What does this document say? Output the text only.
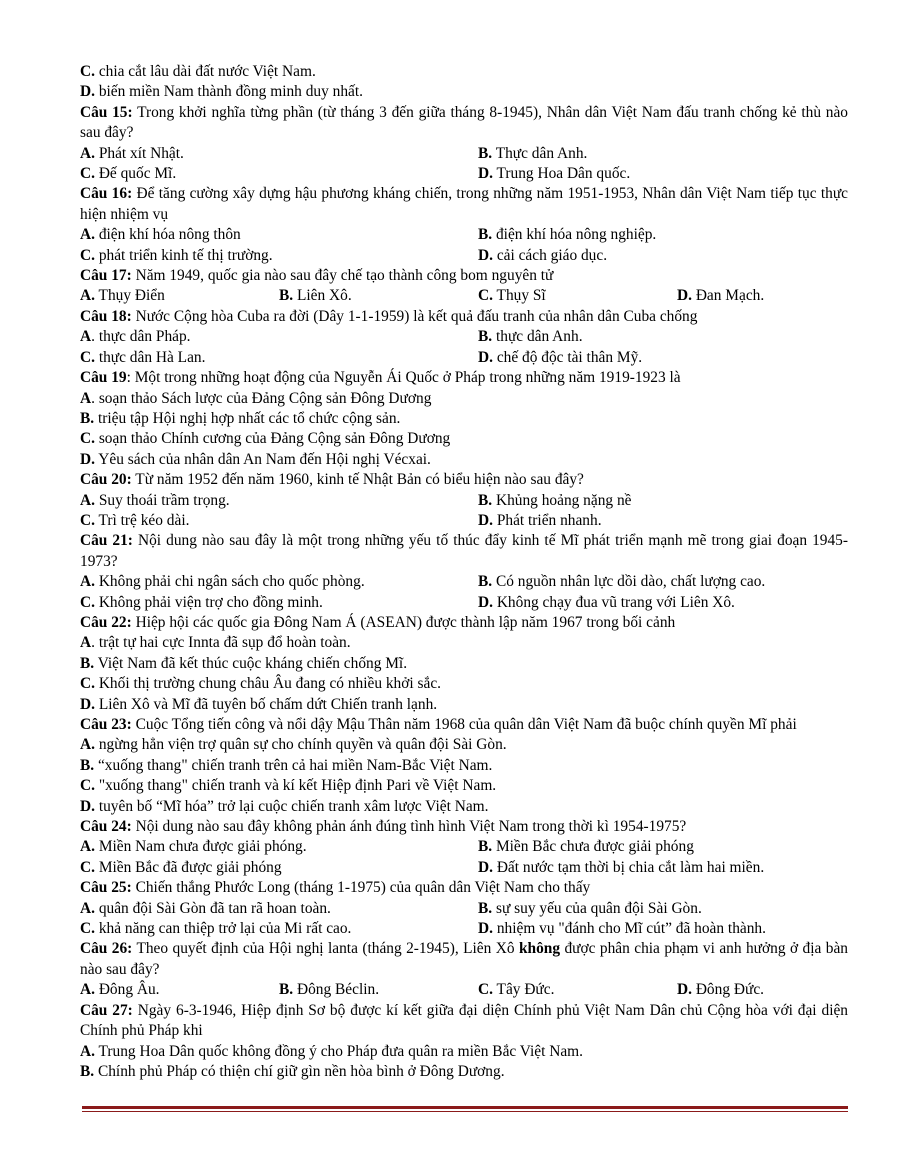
C. chia cắt lâu dài đất nước Việt Nam.
D. biến miền Nam thành đồng minh duy nhất.
Câu 15: Trong khởi nghĩa từng phần (từ tháng 3 đến giữa tháng 8-1945), Nhân dân Việt Nam đấu tranh chống kẻ thù nào sau đây?
A. Phát xít Nhật.	B. Thực dân Anh.
C. Đế quốc Mĩ.	D. Trung Hoa Dân quốc.
Câu 16: Để tăng cường xây dựng hậu phương kháng chiến, trong những năm 1951-1953, Nhân dân Việt Nam tiếp tục thực hiện nhiệm vụ
A. điện khí hóa nông thôn	B. điện khí hóa nông nghiệp.
C. phát triển kinh tế thị trường.	D. cải cách giáo dục.
Câu 17: Năm 1949, quốc gia nào sau đây chế tạo thành công bom nguyên tử
A. Thụy Điển	B. Liên Xô.	C. Thụy Sĩ	D. Đan Mạch.
Câu 18: Nước Cộng hòa Cuba ra đời (Dây 1-1-1959) là kết quả đấu tranh của nhân dân Cuba chống
A. thực dân Pháp.	B. thực dân Anh.
C. thực dân Hà Lan.	D. chế độ độc tài thân Mỹ.
Câu 19: Một trong những hoạt động của Nguyễn Ái Quốc ở Pháp trong những năm 1919-1923 là
A. soạn thảo Sách lược của Đảng Cộng sản Đông Dương
B. triệu tập Hội nghị hợp nhất các tổ chức cộng sản.
C. soạn thảo Chính cương của Đảng Cộng sản Đông Dương
D. Yêu sách của nhân dân An Nam đến Hội nghị Vécxai.
Câu 20: Từ năm 1952 đến năm 1960, kinh tế Nhật Bản có biểu hiện nào sau đây?
A. Suy thoái trầm trọng.	B. Khủng hoảng nặng nề
C. Trì trệ kéo dài.	D. Phát triển nhanh.
Câu 21: Nội dung nào sau đây là một trong những yếu tố thúc đẩy kinh tế Mĩ phát triển mạnh mẽ trong giai đoạn 1945-1973?
A. Không phải chi ngân sách cho quốc phòng.	B. Có nguồn nhân lực dồi dào, chất lượng cao.
C. Không phải viện trợ cho đồng minh.	D. Không chạy đua vũ trang với Liên Xô.
Câu 22: Hiệp hội các quốc gia Đông Nam Á (ASEAN) được thành lập năm 1967 trong bối cảnh
A. trật tự hai cực Innta đã sụp đổ hoàn toàn.
B. Việt Nam đã kết thúc cuộc kháng chiến chống Mĩ.
C. Khối thị trường chung châu Âu đang có nhiều khởi sắc.
D. Liên Xô và Mĩ đã tuyên bố chấm dứt Chiến tranh lạnh.
Câu 23: Cuộc Tổng tiến công và nổi dậy Mậu Thân năm 1968 của quân dân Việt Nam đã buộc chính quyền Mĩ phải
A. ngừng hẳn viện trợ quân sự cho chính quyền và quân đội Sài Gòn.
B. “xuống thang" chiến tranh trên cả hai miền Nam-Bắc Việt Nam.
C. "xuống thang" chiến tranh và kí kết Hiệp định Pari về Việt Nam.
D. tuyên bố “Mĩ hóa” trở lại cuộc chiến tranh xâm lược Việt Nam.
Câu 24: Nội dung nào sau đây không phản ánh đúng tình hình Việt Nam trong thời kì 1954-1975?
A. Miền Nam chưa được giải phóng.	B. Miền Bắc chưa được giải phóng
C. Miền Bắc đã được giải phóng	D. Đất nước tạm thời bị chia cắt làm hai miền.
Câu 25: Chiến thắng Phước Long (tháng 1-1975) của quân dân Việt Nam cho thấy
A. quân đội Sài Gòn đã tan rã hoan toàn.	B. sự suy yếu của quân đội Sài Gòn.
C. khả năng can thiệp trở lại của Mi rất cao.	D. nhiệm vụ "đánh cho Mĩ cút” đã hoàn thành.
Câu 26: Theo quyết định của Hội nghị lanta (tháng 2-1945), Liên Xô không được phân chia phạm vi anh hưởng ở địa bàn nào sau đây?
A. Đông Âu.	B. Đông Béclin.	C. Tây Đức.	D. Đông Đức.
Câu 27: Ngày 6-3-1946, Hiệp định Sơ bộ được kí kết giữa đại diện Chính phủ Việt Nam Dân chủ Cộng hòa với đại diện Chính phủ Pháp khi
A. Trung Hoa Dân quốc không đồng ý cho Pháp đưa quân ra miền Bắc Việt Nam.
B. Chính phủ Pháp có thiện chí giữ gìn nền hòa bình ở Đông Dương.
